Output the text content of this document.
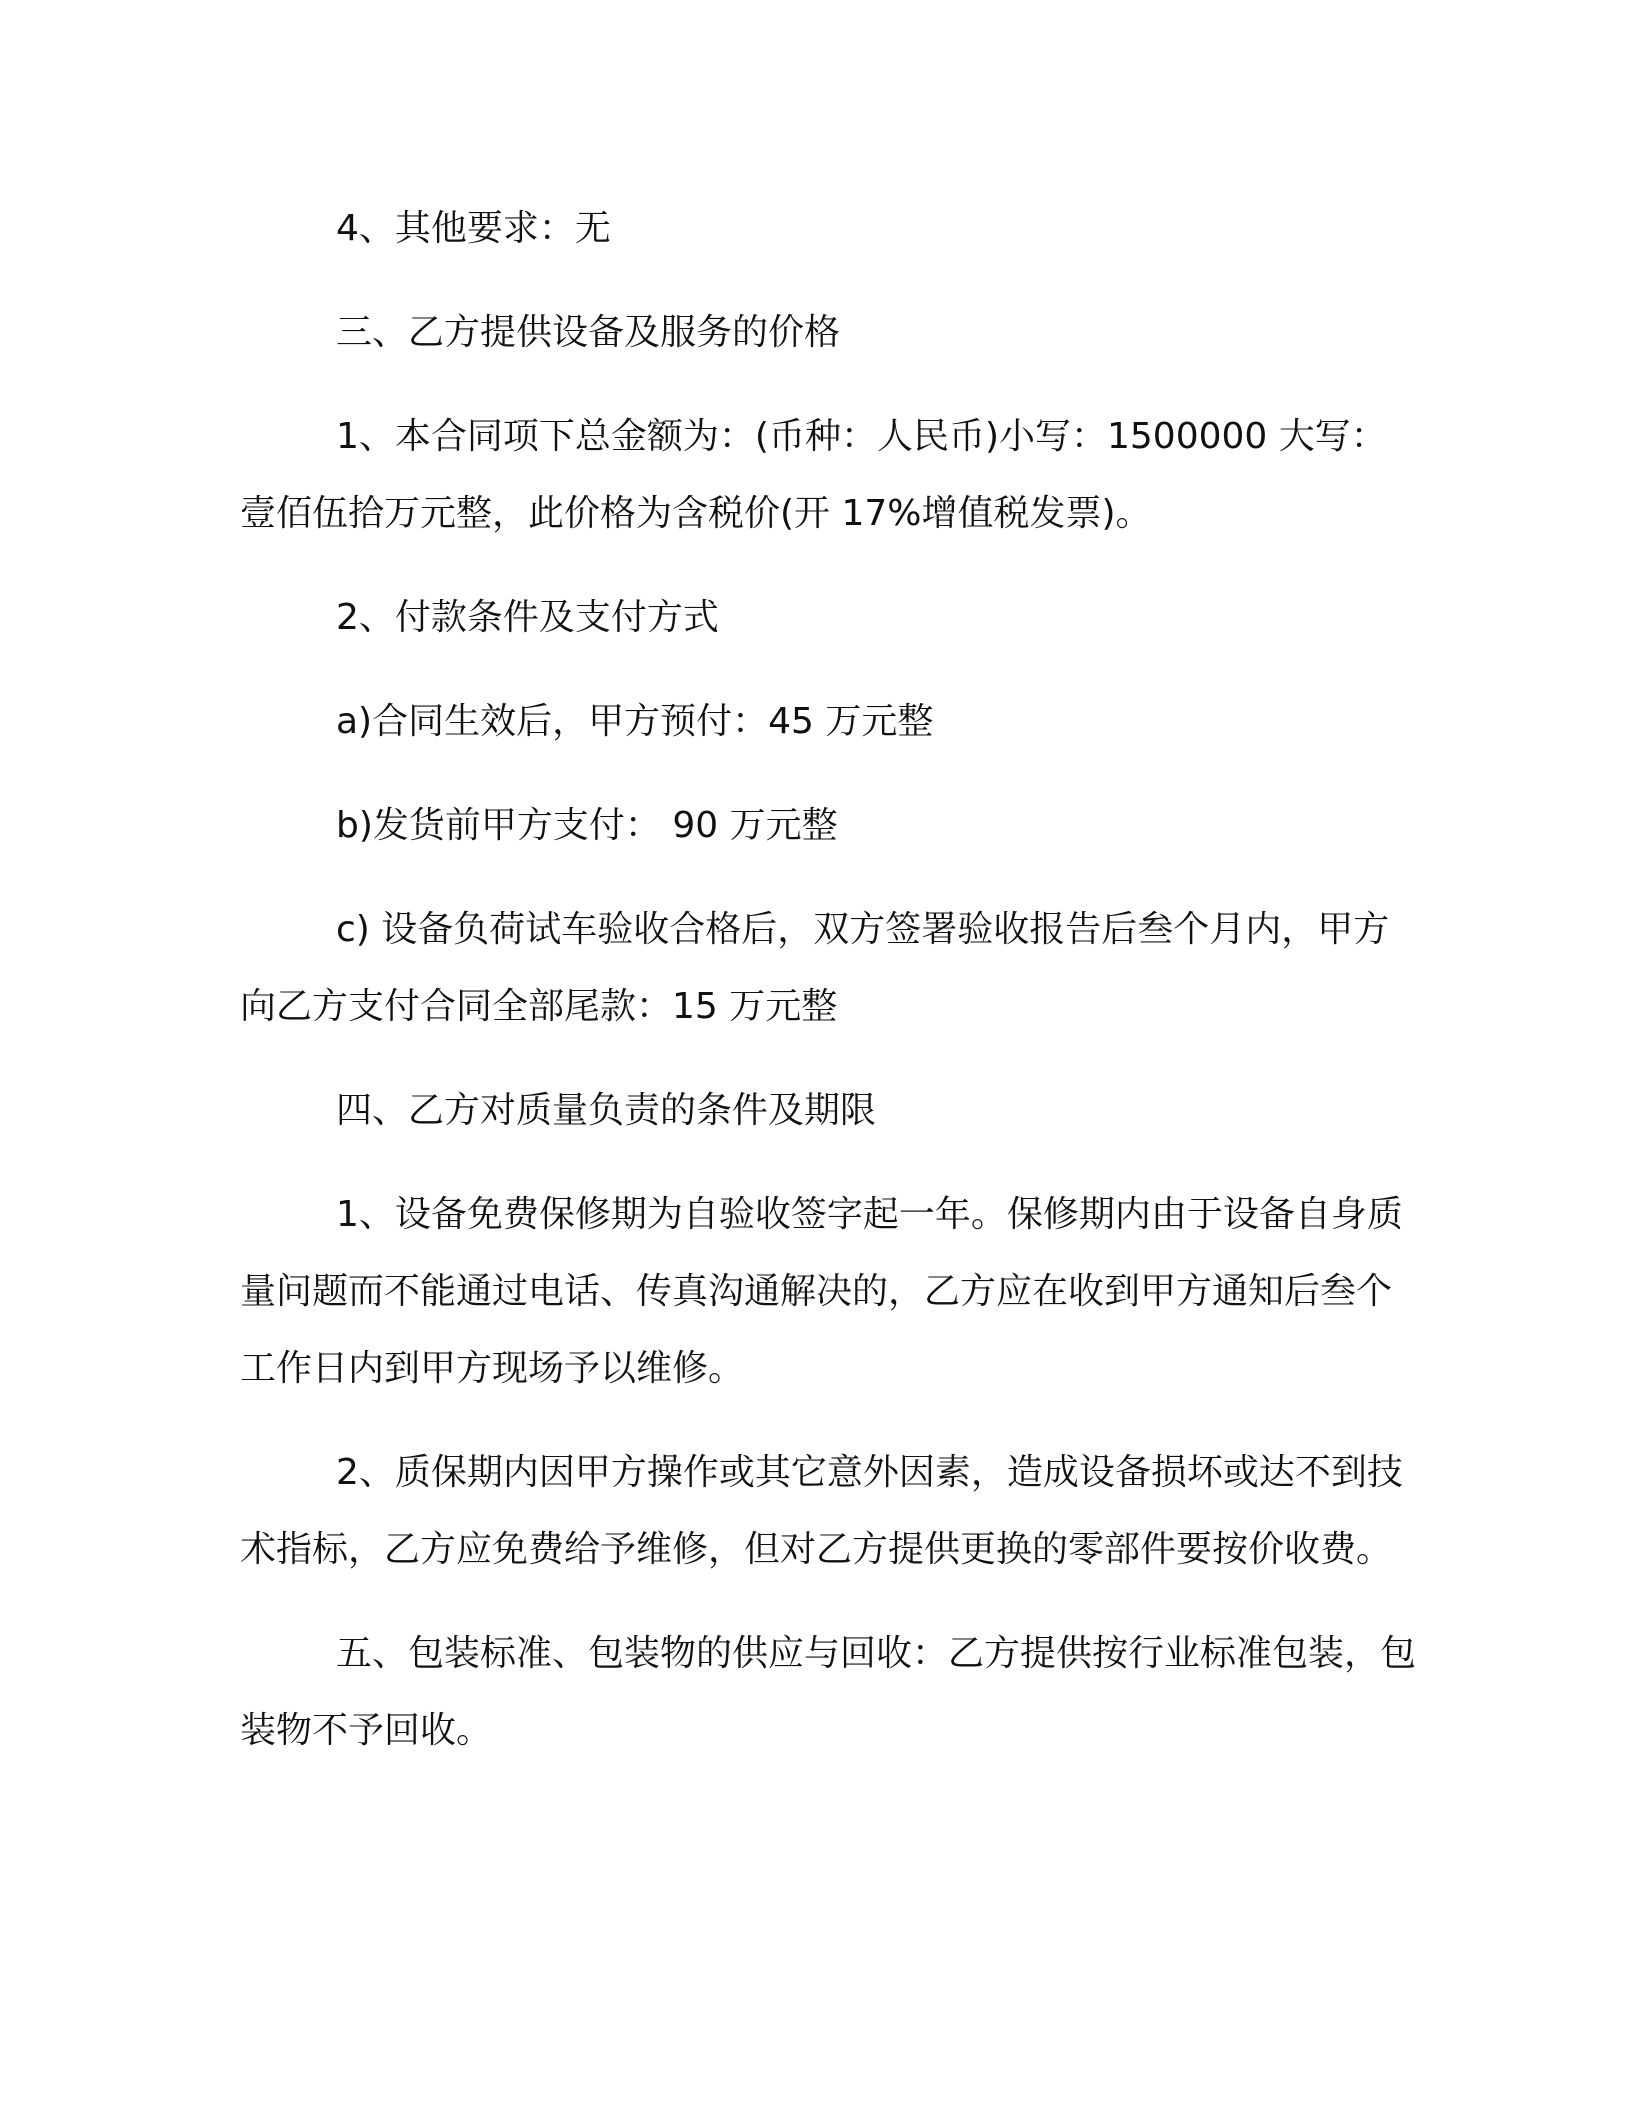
4、其他要求：无

三、乙方提供设备及服务的价格

1、本合同项下总金额为：(币种：人民币)小写：1500000 大写：壹佰伍拾万元整，此价格为含税价(开 17%增值税发票)。

2、付款条件及支付方式

a)合同生效后，甲方预付：45 万元整

b)发货前甲方支付： 90 万元整

c) 设备负荷试车验收合格后，双方签署验收报告后叁个月内，甲方向乙方支付合同全部尾款：15 万元整

四、乙方对质量负责的条件及期限

1、设备免费保修期为自验收签字起一年。保修期内由于设备自身质量问题而不能通过电话、传真沟通解决的，乙方应在收到甲方通知后叁个工作日内到甲方现场予以维修。

2、质保期内因甲方操作或其它意外因素，造成设备损坏或达不到技术指标，乙方应免费给予维修，但对乙方提供更换的零部件要按价收费。

五、包装标准、包装物的供应与回收：乙方提供按行业标准包装，包装物不予回收。
